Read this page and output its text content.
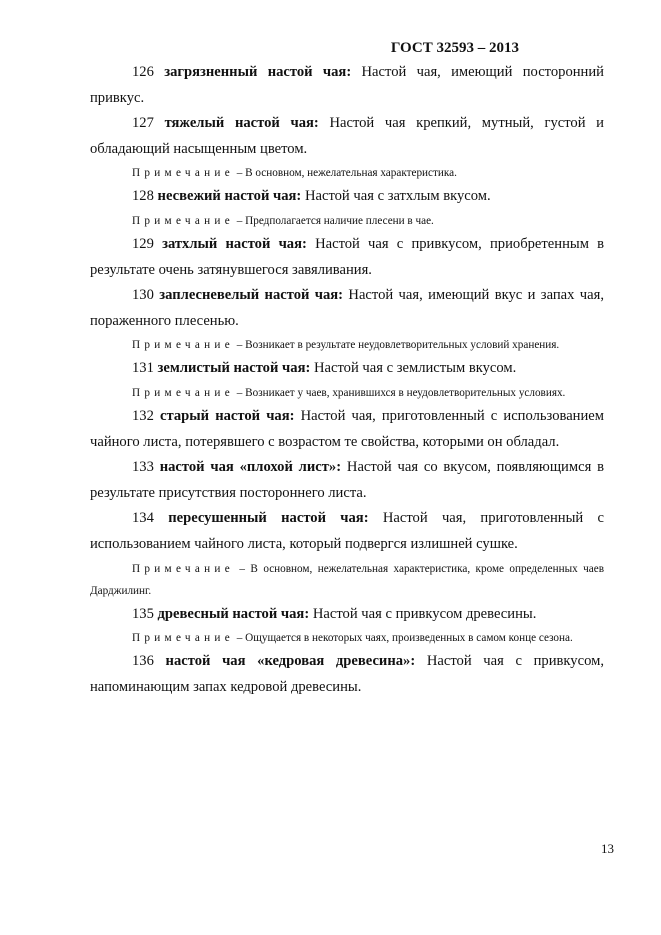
ГОСТ 32593 – 2013

126 загрязненный настой чая: Настой чая, имеющий посторонний привкус.

127 тяжелый настой чая: Настой чая крепкий, мутный, густой и обладающий насыщенным цветом.

Примечание – В основном, нежелательная характеристика.

128 несвежий настой чая: Настой чая с затхлым вкусом.

Примечание – Предполагается наличие плесени в чае.

129 затхлый настой чая: Настой чая с привкусом, приобретенным в результате очень затянувшегося завяливания.

130 заплесневелый настой чая: Настой чая, имеющий вкус и запах чая, пораженного плесенью.

Примечание – Возникает в результате неудовлетворительных условий хранения.

131 землистый настой чая: Настой чая с землистым вкусом.

Примечание – Возникает у чаев, хранившихся в неудовлетворительных условиях.

132 старый настой чая: Настой чая, приготовленный с использованием чайного листа, потерявшего с возрастом те свойства, которыми он обладал.

133 настой чая «плохой лист»: Настой чая со вкусом, появляющимся в результате присутствия постороннего листа.

134 пересушенный настой чая: Настой чая, приготовленный с использованием чайного листа, который подвергся излишней сушке.

Примечание – В основном, нежелательная характеристика, кроме определенных чаев Дарджилинг.

135 древесный настой чая: Настой чая с привкусом древесины.

Примечание – Ощущается в некоторых чаях, произведенных в самом конце сезона.

136 настой чая «кедровая древесина»: Настой чая с привкусом, напоминающим запах кедровой древесины.

13
